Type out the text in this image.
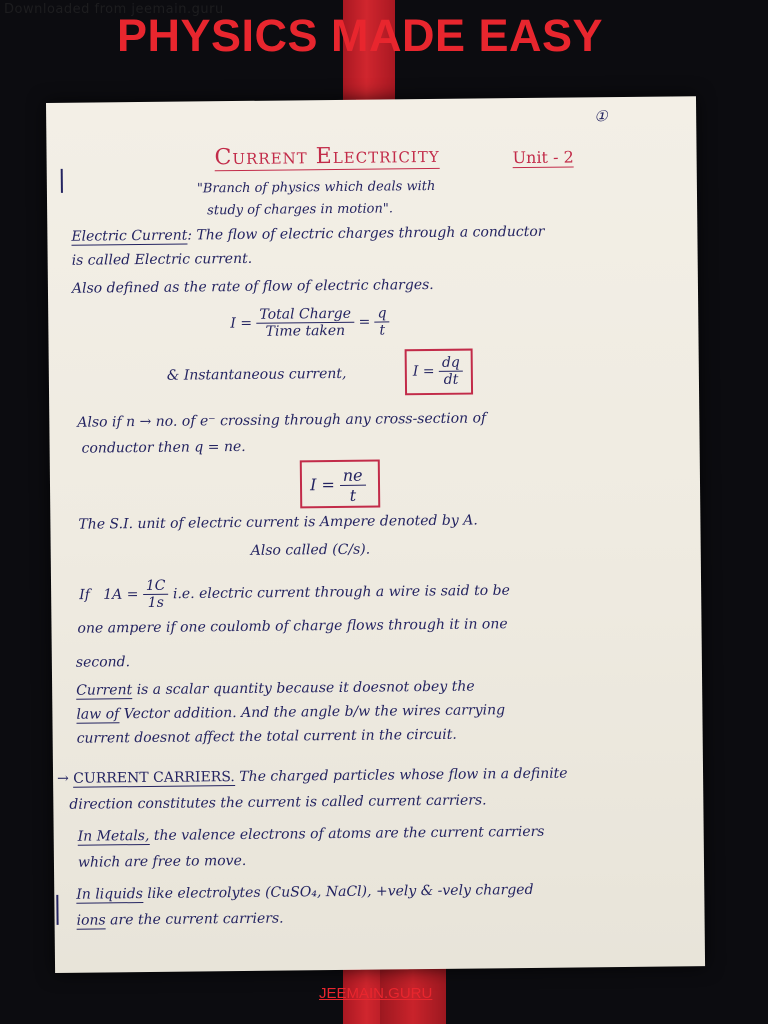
Downloaded from jeemain.guru
PHYSICS MADE EASY
①
Current Electricity	Unit - 2
"Branch of physics which deals with
study of charges in motion".
Electric Current: The flow of electric charges through a conductor
is called Electric current.
Also defined as the rate of flow of electric charges.
$I = \frac{\text{Total Charge}}{\text{Time taken}} = \frac{q}{t}$
& Instantaneous current,	$I = \frac{dq}{dt}$
Also if n → no. of e⁻ crossing through any cross-section of
conductor then q = ne.
$I = \frac{ne}{t}$
The S.I. unit of electric current is Ampere denoted by A.
Also called (C/s).
If $1A = \frac{1C}{1s} i.e$. electric current through a wire is said to be
one ampere if one coulomb of charge flows through it in one
second.
Current is a scalar quantity because it doesnot obey the
law of Vector addition. And the angle b/w the wires carrying
current doesnot affect the total current in the circuit.
→ CURRENT CARRIERS. The charged particles whose flow in a definite
direction constitutes the current is called current carriers.
In Metals, the valence electrons of atoms are the current carriers
which are free to move.
In liquids like electrolytes (CuSO₄, NaCl), +vely & -vely charged
ions are the current carriers.
JEEMAIN.GURU
